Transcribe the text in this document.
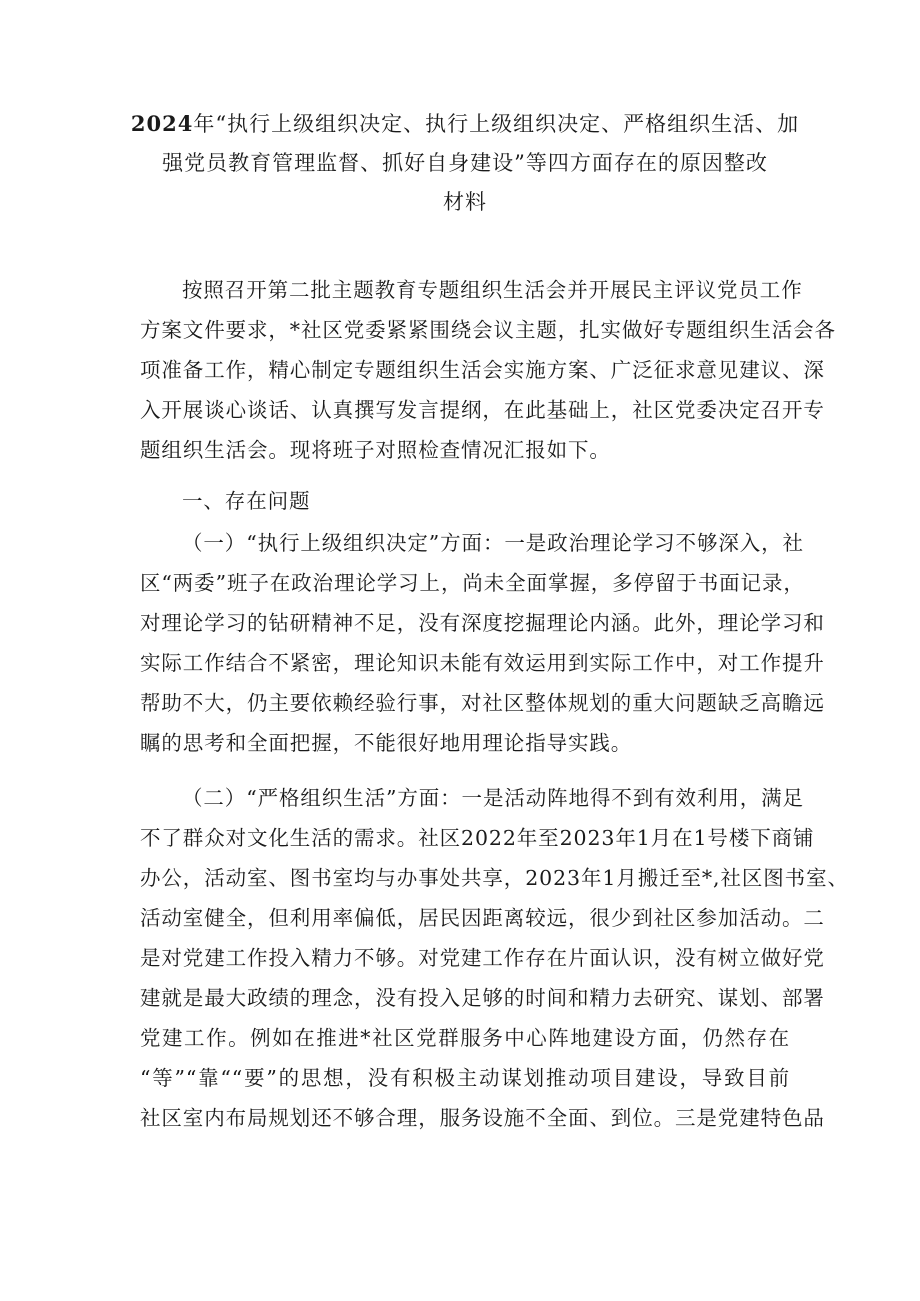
2024年“执行上级组织决定、执行上级组织决定、严格组织生活、加
强党员教育管理监督、抓好自身建设”等四方面存在的原因整改
材料
按照召开第二批主题教育专题组织生活会并开展民主评议党员工作
方案文件要求，*社区党委紧紧围绕会议主题，扎实做好专题组织生活会各
项准备工作，精心制定专题组织生活会实施方案、广泛征求意见建议、深
入开展谈心谈话、认真撰写发言提纲，在此基础上，社区党委决定召开专
题组织生活会。现将班子对照检查情况汇报如下。
一、存在问题
（一）“执行上级组织决定”方面：一是政治理论学习不够深入，社
区“两委”班子在政治理论学习上，尚未全面掌握，多停留于书面记录，
对理论学习的钻研精神不足，没有深度挖掘理论内涵。此外，理论学习和
实际工作结合不紧密，理论知识未能有效运用到实际工作中，对工作提升
帮助不大，仍主要依赖经验行事，对社区整体规划的重大问题缺乏高瞻远
瞩的思考和全面把握，不能很好地用理论指导实践。
（二）“严格组织生活”方面：一是活动阵地得不到有效利用，满足
不了群众对文化生活的需求。社区2022年至2023年1月在1号楼下商铺
办公，活动室、图书室均与办事处共享，2023年1月搬迁至*,社区图书室、
活动室健全，但利用率偏低，居民因距离较远，很少到社区参加活动。二
是对党建工作投入精力不够。对党建工作存在片面认识，没有树立做好党
建就是最大政绩的理念，没有投入足够的时间和精力去研究、谋划、部署
党建工作。例如在推进*社区党群服务中心阵地建设方面，仍然存在
“等”“靠““要”的思想，没有积极主动谋划推动项目建设，导致目前
社区室内布局规划还不够合理，服务设施不全面、到位。三是党建特色品
